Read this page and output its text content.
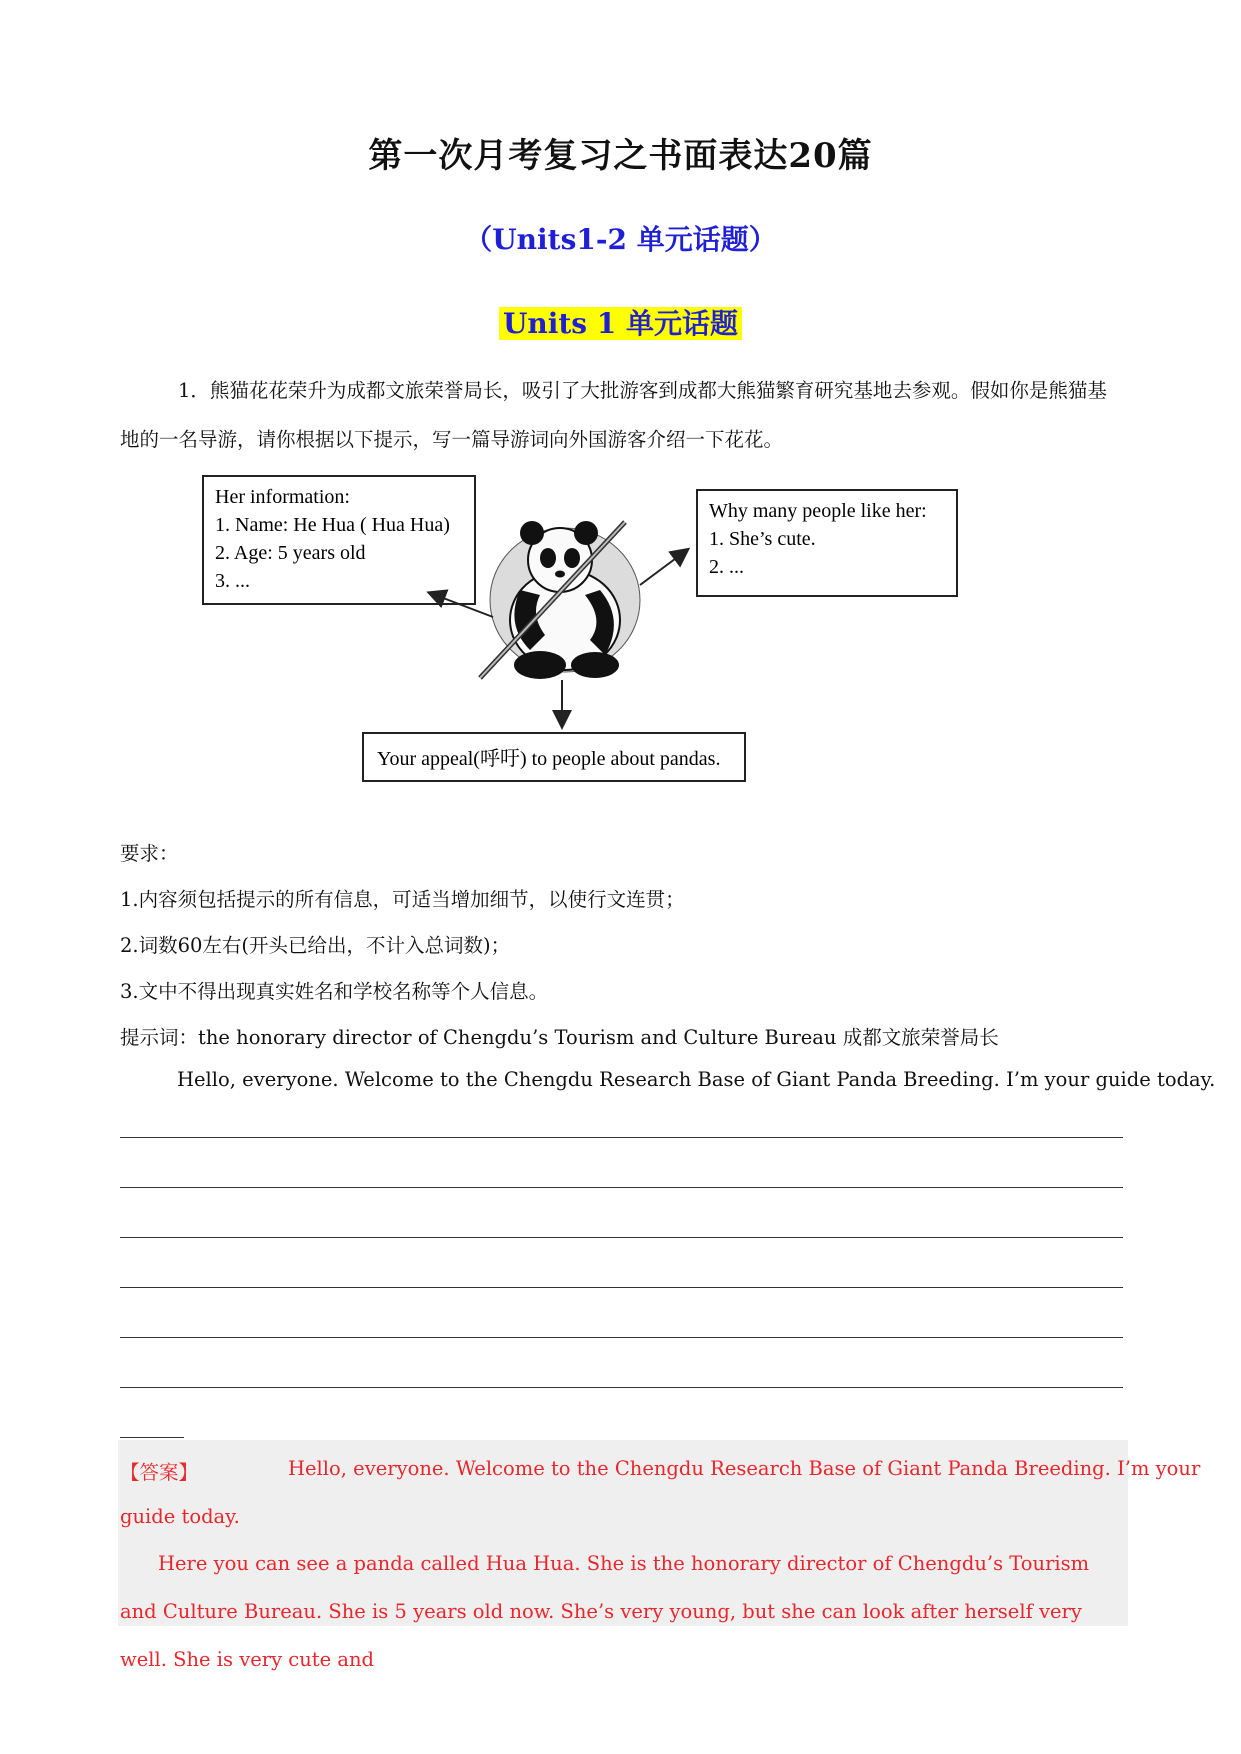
第一次月考复习之书面表达20篇
（Units1-2 单元话题）
Units 1 单元话题
1．熊猫花花荣升为成都文旅荣誉局长，吸引了大批游客到成都大熊猫繁育研究基地去参观。假如你是熊猫基地的一名导游，请你根据以下提示，写一篇导游词向外国游客介绍一下花花。
Her information:
1. Name: He Hua ( Hua Hua)
2. Age: 5 years old
3. ...
Why many people like her:
1. She’s cute.
2. ...
Your appeal(呼吁) to people about pandas.
要求：
1.内容须包括提示的所有信息，可适当增加细节，以使行文连贯；
2.词数60左右(开头已给出，不计入总词数)；
3.文中不得出现真实姓名和学校名称等个人信息。
提示词：the honorary director of Chengdu’s Tourism and Culture Bureau 成都文旅荣誉局长
Hello, everyone. Welcome to the Chengdu Research Base of Giant Panda Breeding. I’m your guide today.
【答案】	Hello, everyone. Welcome to the Chengdu Research Base of Giant Panda Breeding. I’m your
guide today.
Here you can see a panda called Hua Hua. She is the honorary director of Chengdu’s Tourism and Culture Bureau. She is 5 years old now. She’s very young, but she can look after herself very well. She is very cute and
